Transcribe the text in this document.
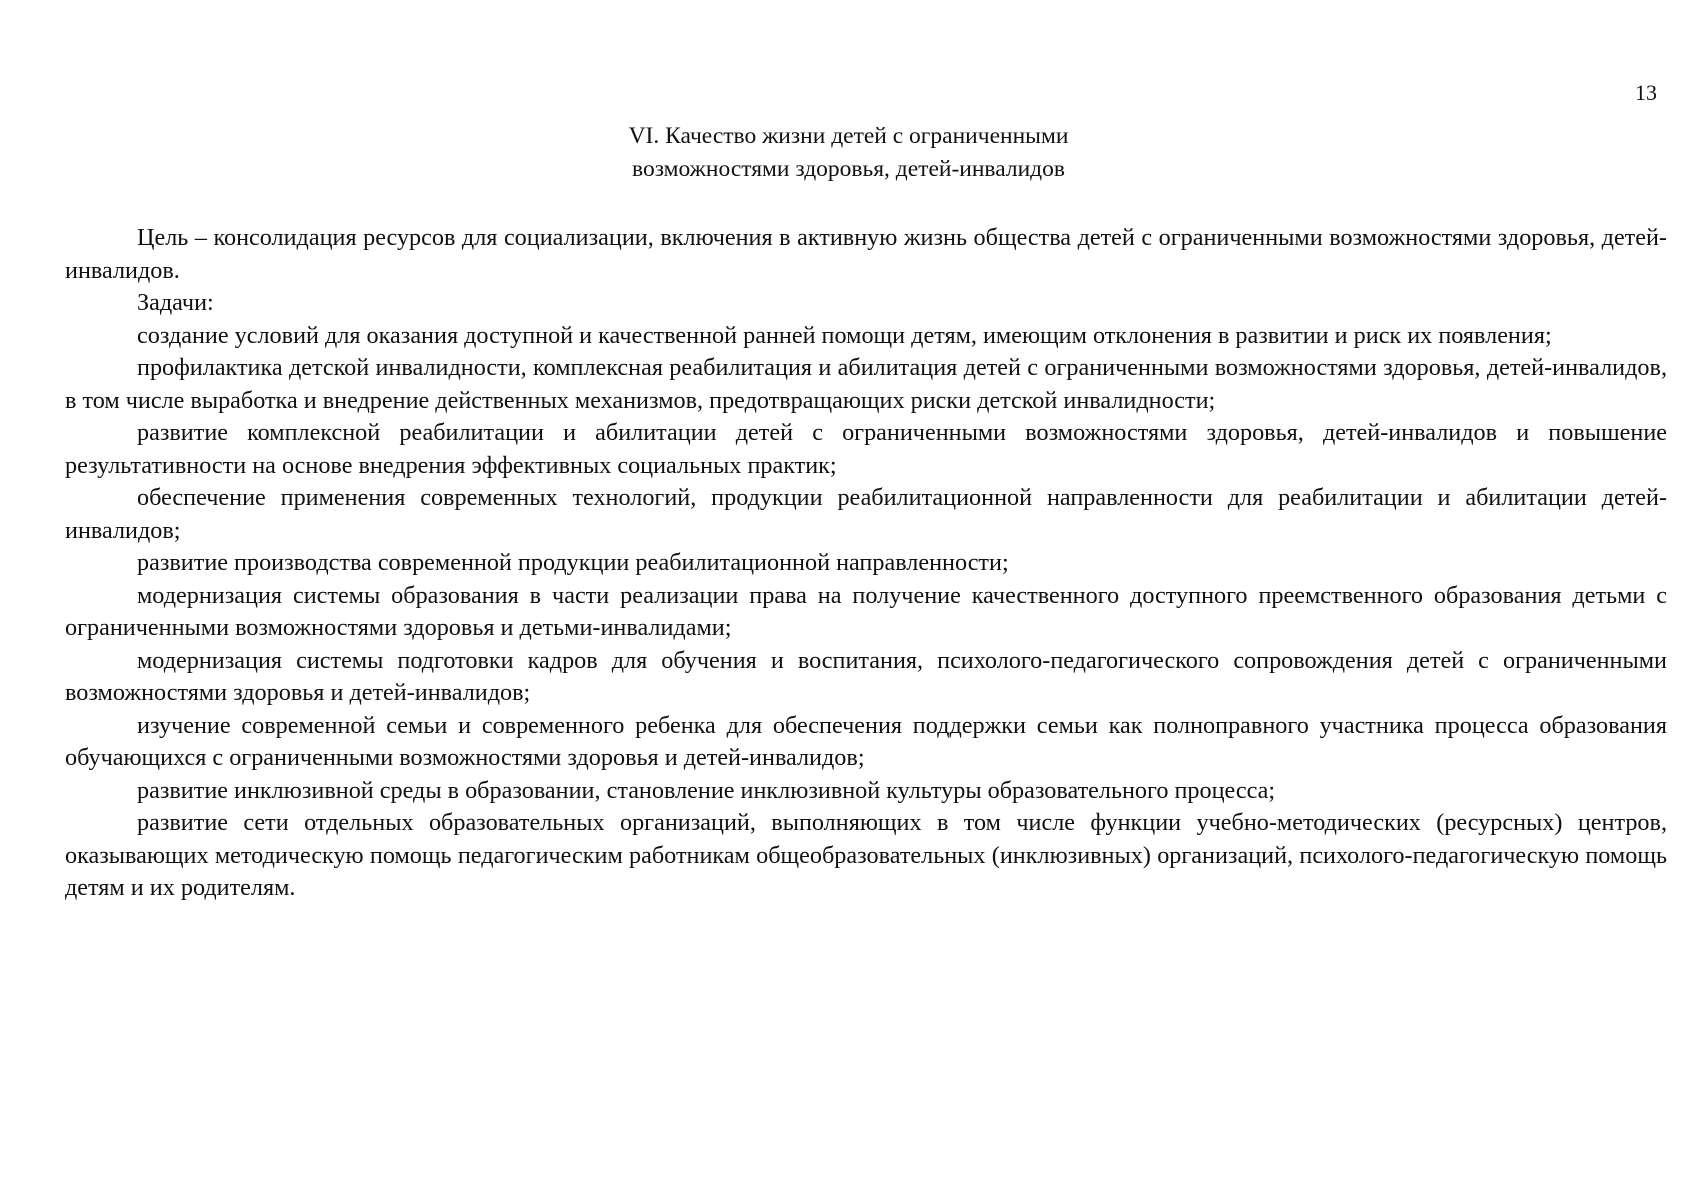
13
VI. Качество жизни детей с ограниченными
возможностями здоровья, детей-инвалидов

Цель – консолидация ресурсов для социализации, включения в активную жизнь общества детей с ограниченными возможностями здоровья, детей-инвалидов.

Задачи:

создание условий для оказания доступной и качественной ранней помощи детям, имеющим отклонения в развитии и риск их появления;

профилактика детской инвалидности, комплексная реабилитация и абилитация детей с ограниченными возможностями здоровья, детей-инвалидов, в том числе выработка и внедрение действенных механизмов, предотвращающих риски детской инвалидности;

развитие комплексной реабилитации и абилитации детей с ограниченными возможностями здоровья, детей-инвалидов и повышение результативности на основе внедрения эффективных социальных практик;

обеспечение применения современных технологий, продукции реабилитационной направленности для реабилитации и абилитации детей-инвалидов;

развитие производства современной продукции реабилитационной направленности;

модернизация системы образования в части реализации права на получение качественного доступного преемственного образования детьми с ограниченными возможностями здоровья и детьми-инвалидами;

модернизация системы подготовки кадров для обучения и воспитания, психолого-педагогического сопровождения детей с ограниченными возможностями здоровья и детей-инвалидов;

изучение современной семьи и современного ребенка для обеспечения поддержки семьи как полноправного участника процесса образования обучающихся с ограниченными возможностями здоровья и детей-инвалидов;

развитие инклюзивной среды в образовании, становление инклюзивной культуры образовательного процесса;

развитие сети отдельных образовательных организаций, выполняющих в том числе функции учебно-методических (ресурсных) центров, оказывающих методическую помощь педагогическим работникам общеобразовательных (инклюзивных) организаций, психолого-педагогическую помощь детям и их родителям.
